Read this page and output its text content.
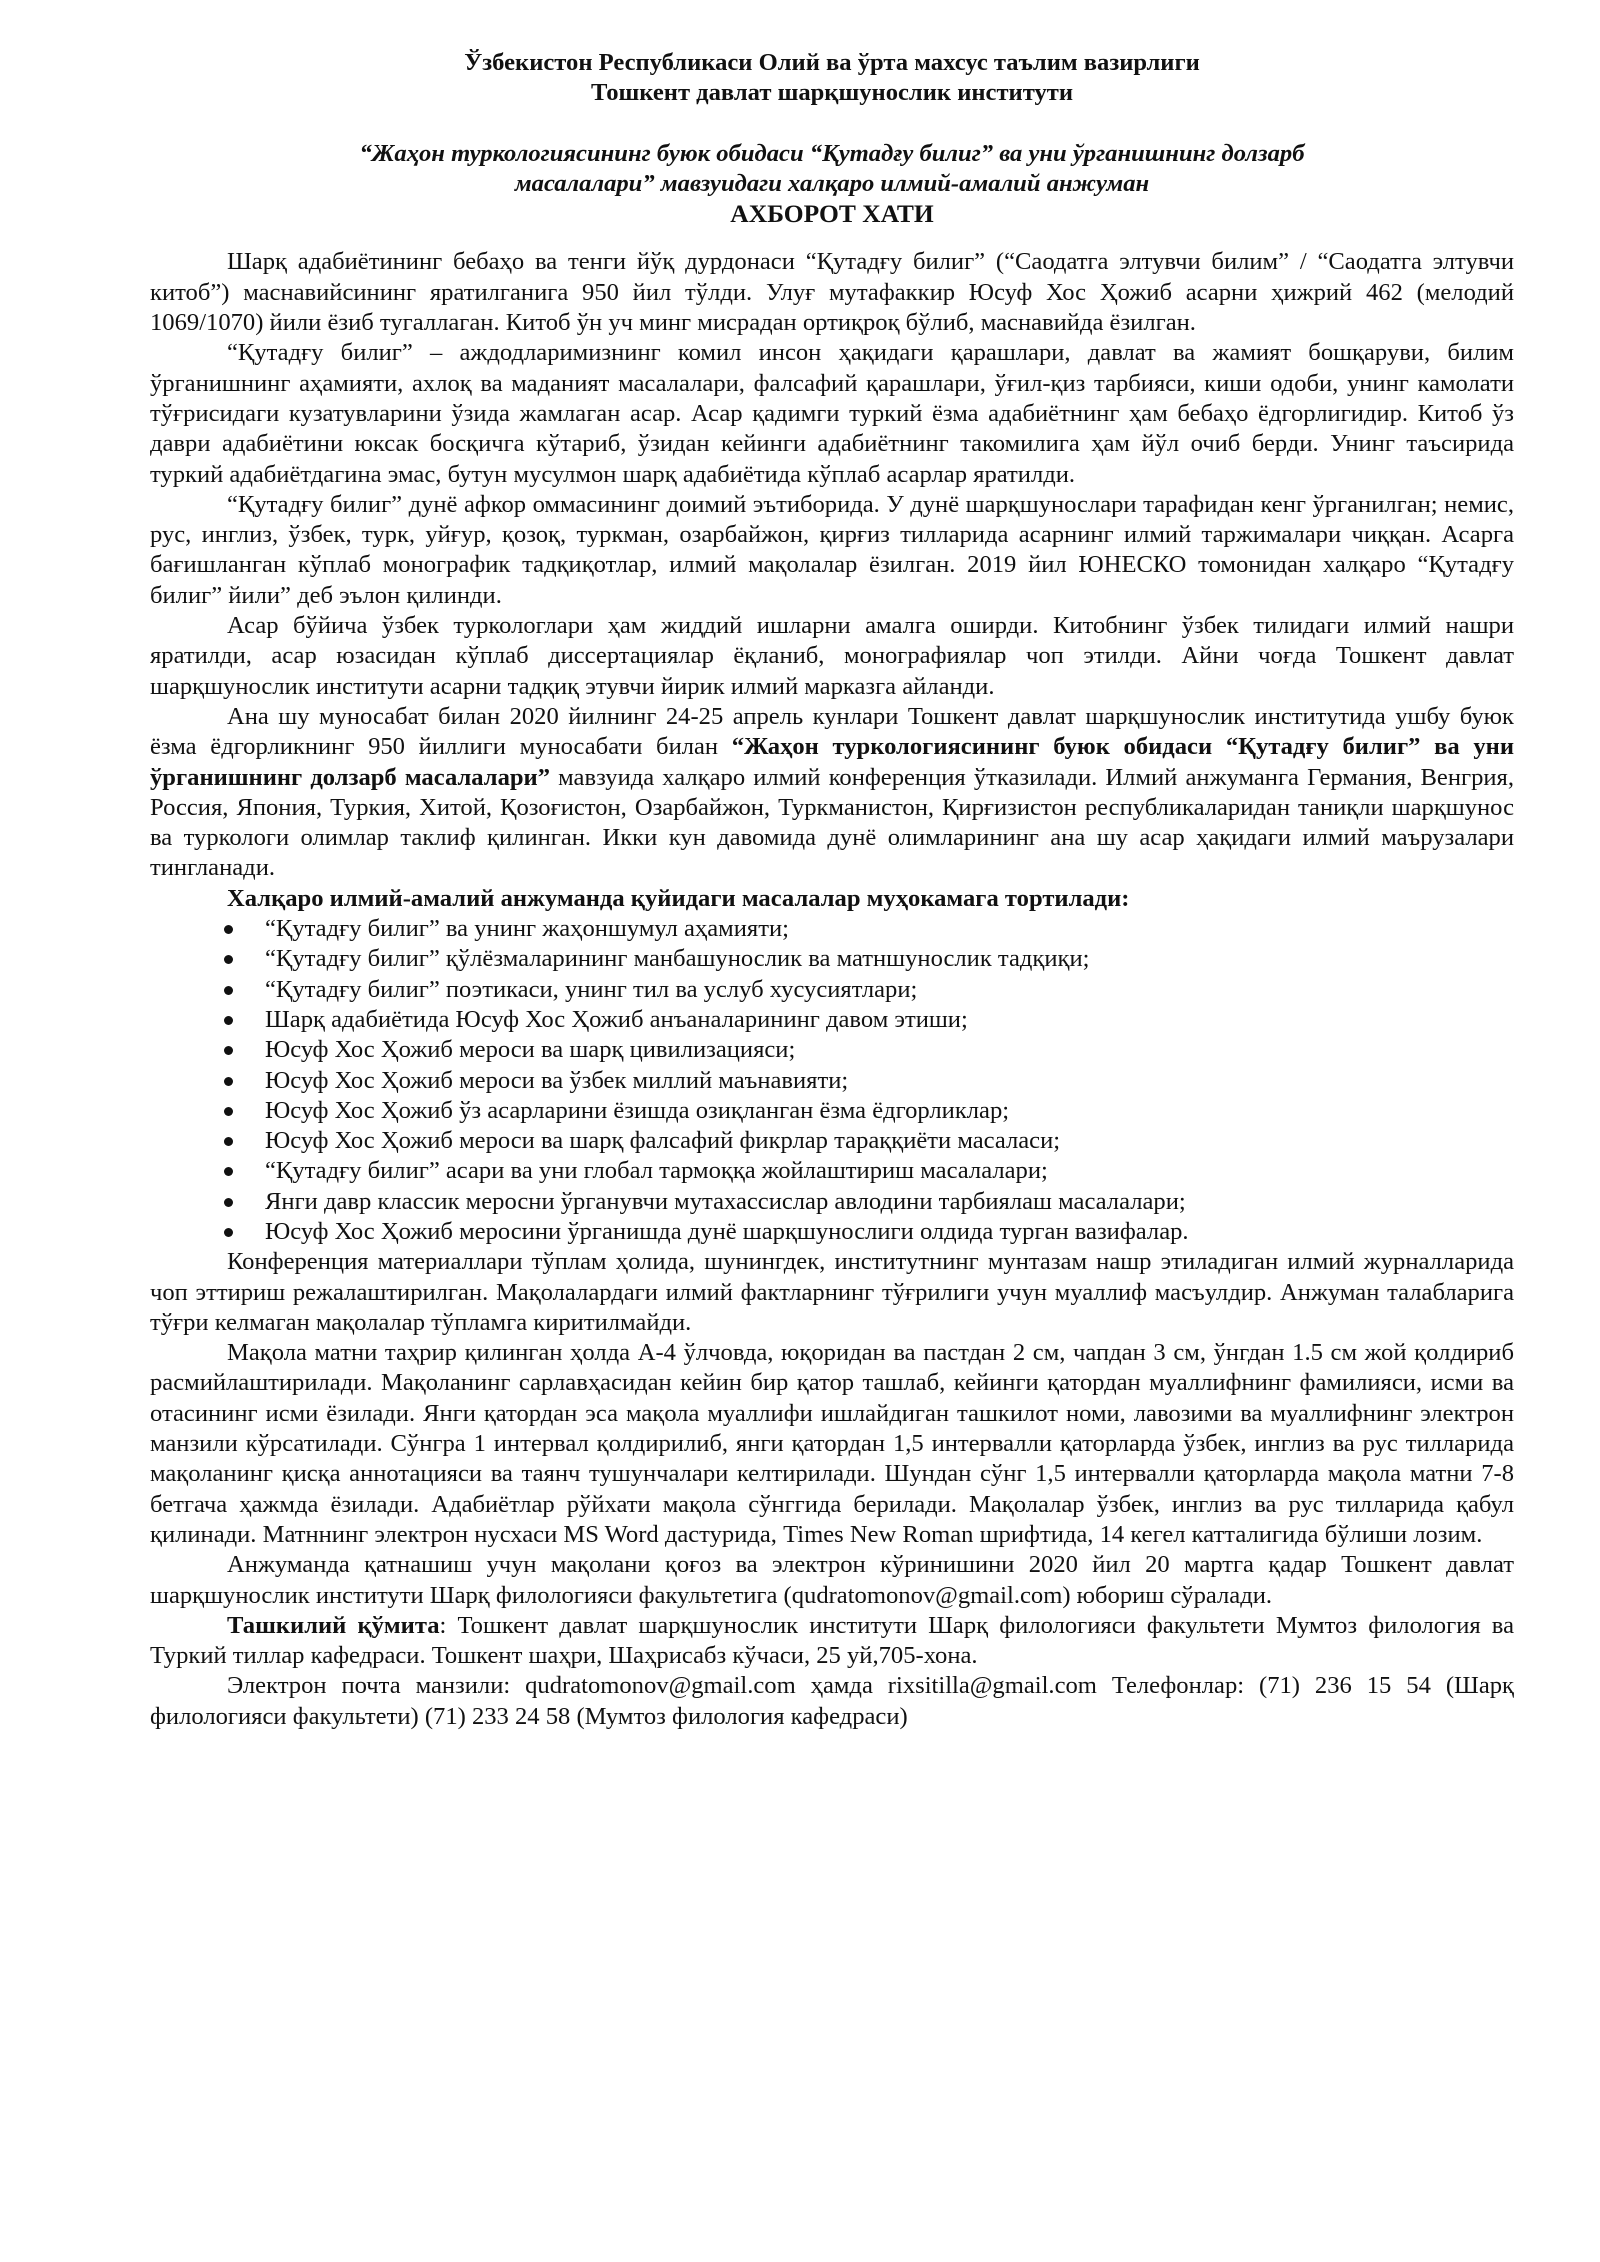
Ўзбекистон Республикаси Олий ва ўрта махсус таълим вазирлиги
Тошкент давлат шарқшунослик институти
“Жаҳон туркологиясининг буюк обидаси “Қутадғу билиг” ва уни ўрганишнинг долзарб
масалалари” мавзуидаги халқаро илмий-амалий анжуман
АХБОРОТ ХАТИ

Шарқ адабиётининг бебаҳо ва тенги йўқ дурдонаси “Қутадғу билиг” (“Саодатга элтувчи билим” / “Саодатга элтувчи китоб”) маснавийсининг яратилганига 950 йил тўлди. Улуғ мутафаккир Юсуф Хос Ҳожиб асарни ҳижрий 462 (мелодий 1069/1070) йили ёзиб тугаллаган. Китоб ўн уч минг мисрадан ортиқроқ бўлиб, маснавийда ёзилган.

“Қутадғу билиг” – аждодларимизнинг комил инсон ҳақидаги қарашлари, давлат ва жамият бошқаруви, билим ўрганишнинг аҳамияти, ахлоқ ва маданият масалалари, фалсафий қарашлари, ўғил-қиз тарбияси, киши одоби, унинг камолати тўғрисидаги кузатувларини ўзида жамлаган асар. Асар қадимги туркий ёзма адабиётнинг ҳам бебаҳо ёдгорлигидир. Китоб ўз даври адабиётини юксак босқичга кўтариб, ўзидан кейинги адабиётнинг такомилига ҳам йўл очиб берди. Унинг таъсирида туркий адабиётдагина эмас, бутун мусулмон шарқ адабиётида кўплаб асарлар яратилди.

“Қутадғу билиг” дунё афкор оммасининг доимий эътиборида. У дунё шарқшунослари тарафидан кенг ўрганилган; немис, рус, инглиз, ўзбек, турк, уйғур, қозоқ, туркман, озарбайжон, қирғиз тилларида асарнинг илмий таржималари чиққан. Асарга бағишланган кўплаб монографик тадқиқотлар, илмий мақолалар ёзилган. 2019 йил ЮНЕСКО томонидан халқаро “Қутадғу билиг” йили” деб эълон қилинди.

Асар бўйича ўзбек туркологлари ҳам жиддий ишларни амалга оширди. Китобнинг ўзбек тилидаги илмий нашри яратилди, асар юзасидан кўплаб диссертациялар ёқланиб, монографиялар чоп этилди. Айни чоғда Тошкент давлат шарқшунослик институти асарни тадқиқ этувчи йирик илмий марказга айланди.

Ана шу муносабат билан 2020 йилнинг 24-25 апрель кунлари Тошкент давлат шарқшунослик институтида ушбу буюк ёзма ёдгорликнинг 950 йиллиги муносабати билан “Жаҳон туркологиясининг буюк обидаси “Қутадғу билиг” ва уни ўрганишнинг долзарб масалалари” мавзуида халқаро илмий конференция ўтказилади. Илмий анжуманга Германия, Венгрия, Россия, Япония, Туркия, Хитой, Қозоғистон, Озарбайжон, Туркманистон, Қирғизистон республикаларидан таниқли шарқшунос ва туркологи олимлар таклиф қилинган. Икки кун давомида дунё олимларининг ана шу асар ҳақидаги илмий маърузалари тингланади.

Халқаро илмий-амалий анжуманда қуйидаги масалалар муҳокамага тортилади:
“Қутадғу билиг” ва унинг жаҳоншумул аҳамияти;
“Қутадғу билиг” қўлёзмаларининг манбашунослик ва матншунослик тадқиқи;
“Қутадғу билиг” поэтикаси, унинг тил ва услуб хусусиятлари;
Шарқ адабиётида Юсуф Хос Ҳожиб анъаналарининг давом этиши;
Юсуф Хос Ҳожиб мероси ва шарқ цивилизацияси;
Юсуф Хос Ҳожиб мероси ва ўзбек миллий маънавияти;
Юсуф Хос Ҳожиб ўз асарларини ёзишда озиқланган ёзма ёдгорликлар;
Юсуф Хос Ҳожиб мероси ва шарқ фалсафий фикрлар тараққиёти масаласи;
“Қутадғу билиг” асари ва уни глобал тармоққа жойлаштириш масалалари;
Янги давр классик меросни ўрганувчи мутахассислар авлодини тарбиялаш масалалари;
Юсуф Хос Ҳожиб меросини ўрганишда дунё шарқшунослиги олдида турган вазифалар.

Конференция материаллари тўплам ҳолида, шунингдек, институтнинг мунтазам нашр этиладиган илмий журналларида чоп эттириш режалаштирилган. Мақолалардаги илмий фактларнинг тўғрилиги учун муаллиф масъулдир. Анжуман талабларига тўғри келмаган мақолалар тўпламга киритилмайди.

Мақола матни таҳрир қилинган ҳолда А-4 ўлчовда, юқоридан ва пастдан 2 см, чапдан 3 см, ўнгдан 1.5 см жой қолдириб расмийлаштирилади. Мақоланинг сарлавҳасидан кейин бир қатор ташлаб, кейинги қатордан муаллифнинг фамилияси, исми ва отасининг исми ёзилади. Янги қатордан эса мақола муаллифи ишлайдиган ташкилот номи, лавозими ва муаллифнинг электрон манзили кўрсатилади. Сўнгра 1 интервал қолдирилиб, янги қатордан 1,5 интервалли қаторларда ўзбек, инглиз ва рус тилларида мақоланинг қисқа аннотацияси ва таянч тушунчалари келтирилади. Шундан сўнг 1,5 интервалли қаторларда мақола матни 7-8 бетгача ҳажмда ёзилади. Адабиётлар рўйхати мақола сўнггида берилади. Мақолалар ўзбек, инглиз ва рус тилларида қабул қилинади. Матннинг электрон нусхаси MS Word дастурида, Times New Roman шрифтида, 14 кегел катталигида бўлиши лозим.

Анжуманда қатнашиш учун мақолани қоғоз ва электрон кўринишини 2020 йил 20 мартга қадар Тошкент давлат шарқшунослик институти Шарқ филологияси факультетига (qudratomonov@gmail.com) юбориш сўралади.

Ташкилий қўмита: Тошкент давлат шарқшунослик институти Шарқ филологияси факультети Мумтоз филология ва Туркий тиллар кафедраси. Тошкент шаҳри, Шаҳрисабз кўчаси, 25 уй,705-хона.

Электрон почта манзили: qudratomonov@gmail.com ҳамда rixsitilla@gmail.com Телефонлар: (71) 236 15 54 (Шарқ филологияси факультети) (71) 233 24 58 (Мумтоз филология кафедраси)
